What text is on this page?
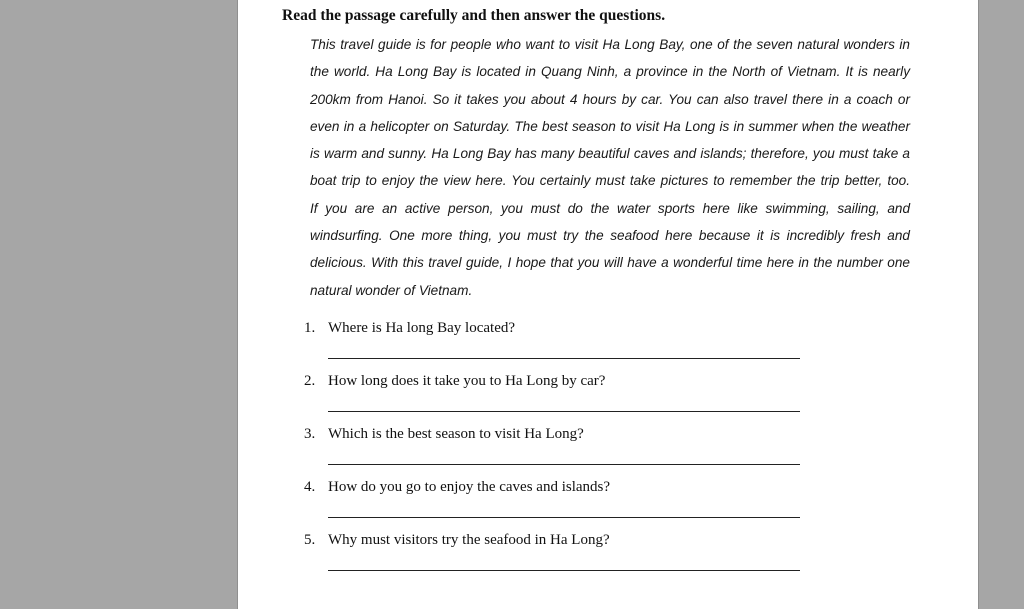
Read the passage carefully and then answer the questions.

This travel guide is for people who want to visit Ha Long Bay, one of the seven natural wonders in
the world. Ha Long Bay is located in Quang Ninh, a province in the North of Vietnam. It is nearly
200km from Hanoi. So it takes you about 4 hours by car. You can also travel there in a coach or
even in a helicopter on Saturday. The best season to visit Ha Long is in summer when the weather
is warm and sunny. Ha Long Bay has many beautiful caves and islands; therefore, you must take a
boat trip to enjoy the view here. You certainly must take pictures to remember the trip better, too.
If you are an active person, you must do the water sports here like swimming, sailing, and
windsurfing. One more thing, you must try the seafood here because it is incredibly fresh and
delicious. With this travel guide, I hope that you will have a wonderful time here in the number one
natural wonder of Vietnam.

1. Where is Ha long Bay located?
2. How long does it take you to Ha Long by car?
3. Which is the best season to visit Ha Long?
4. How do you go to enjoy the caves and islands?
5. Why must visitors try the seafood in Ha Long?
